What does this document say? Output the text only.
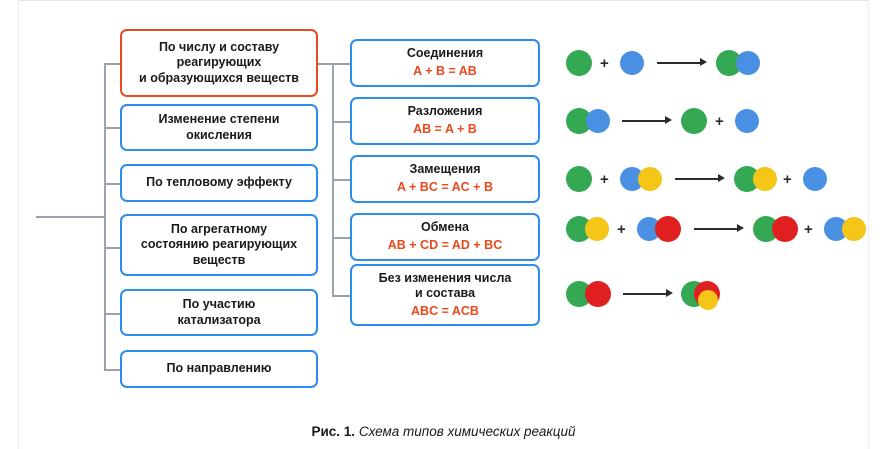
По числу и составу
реагирующих
и образующихся веществ
Изменение степени
окисления
По тепловому эффекту
По агрегатному
состоянию реагирующих
веществ
По участию
катализатора
По направлению
Соединения
A + B = AB
Разложения
AB = A + B
Замещения
A + BC = AC + B
Обмена
AB + CD = AD + BC
Без изменения числа
и состава
ABC = ACB
+
+
+	+
+	+
Рис. 1. Схема типов химических реакций
